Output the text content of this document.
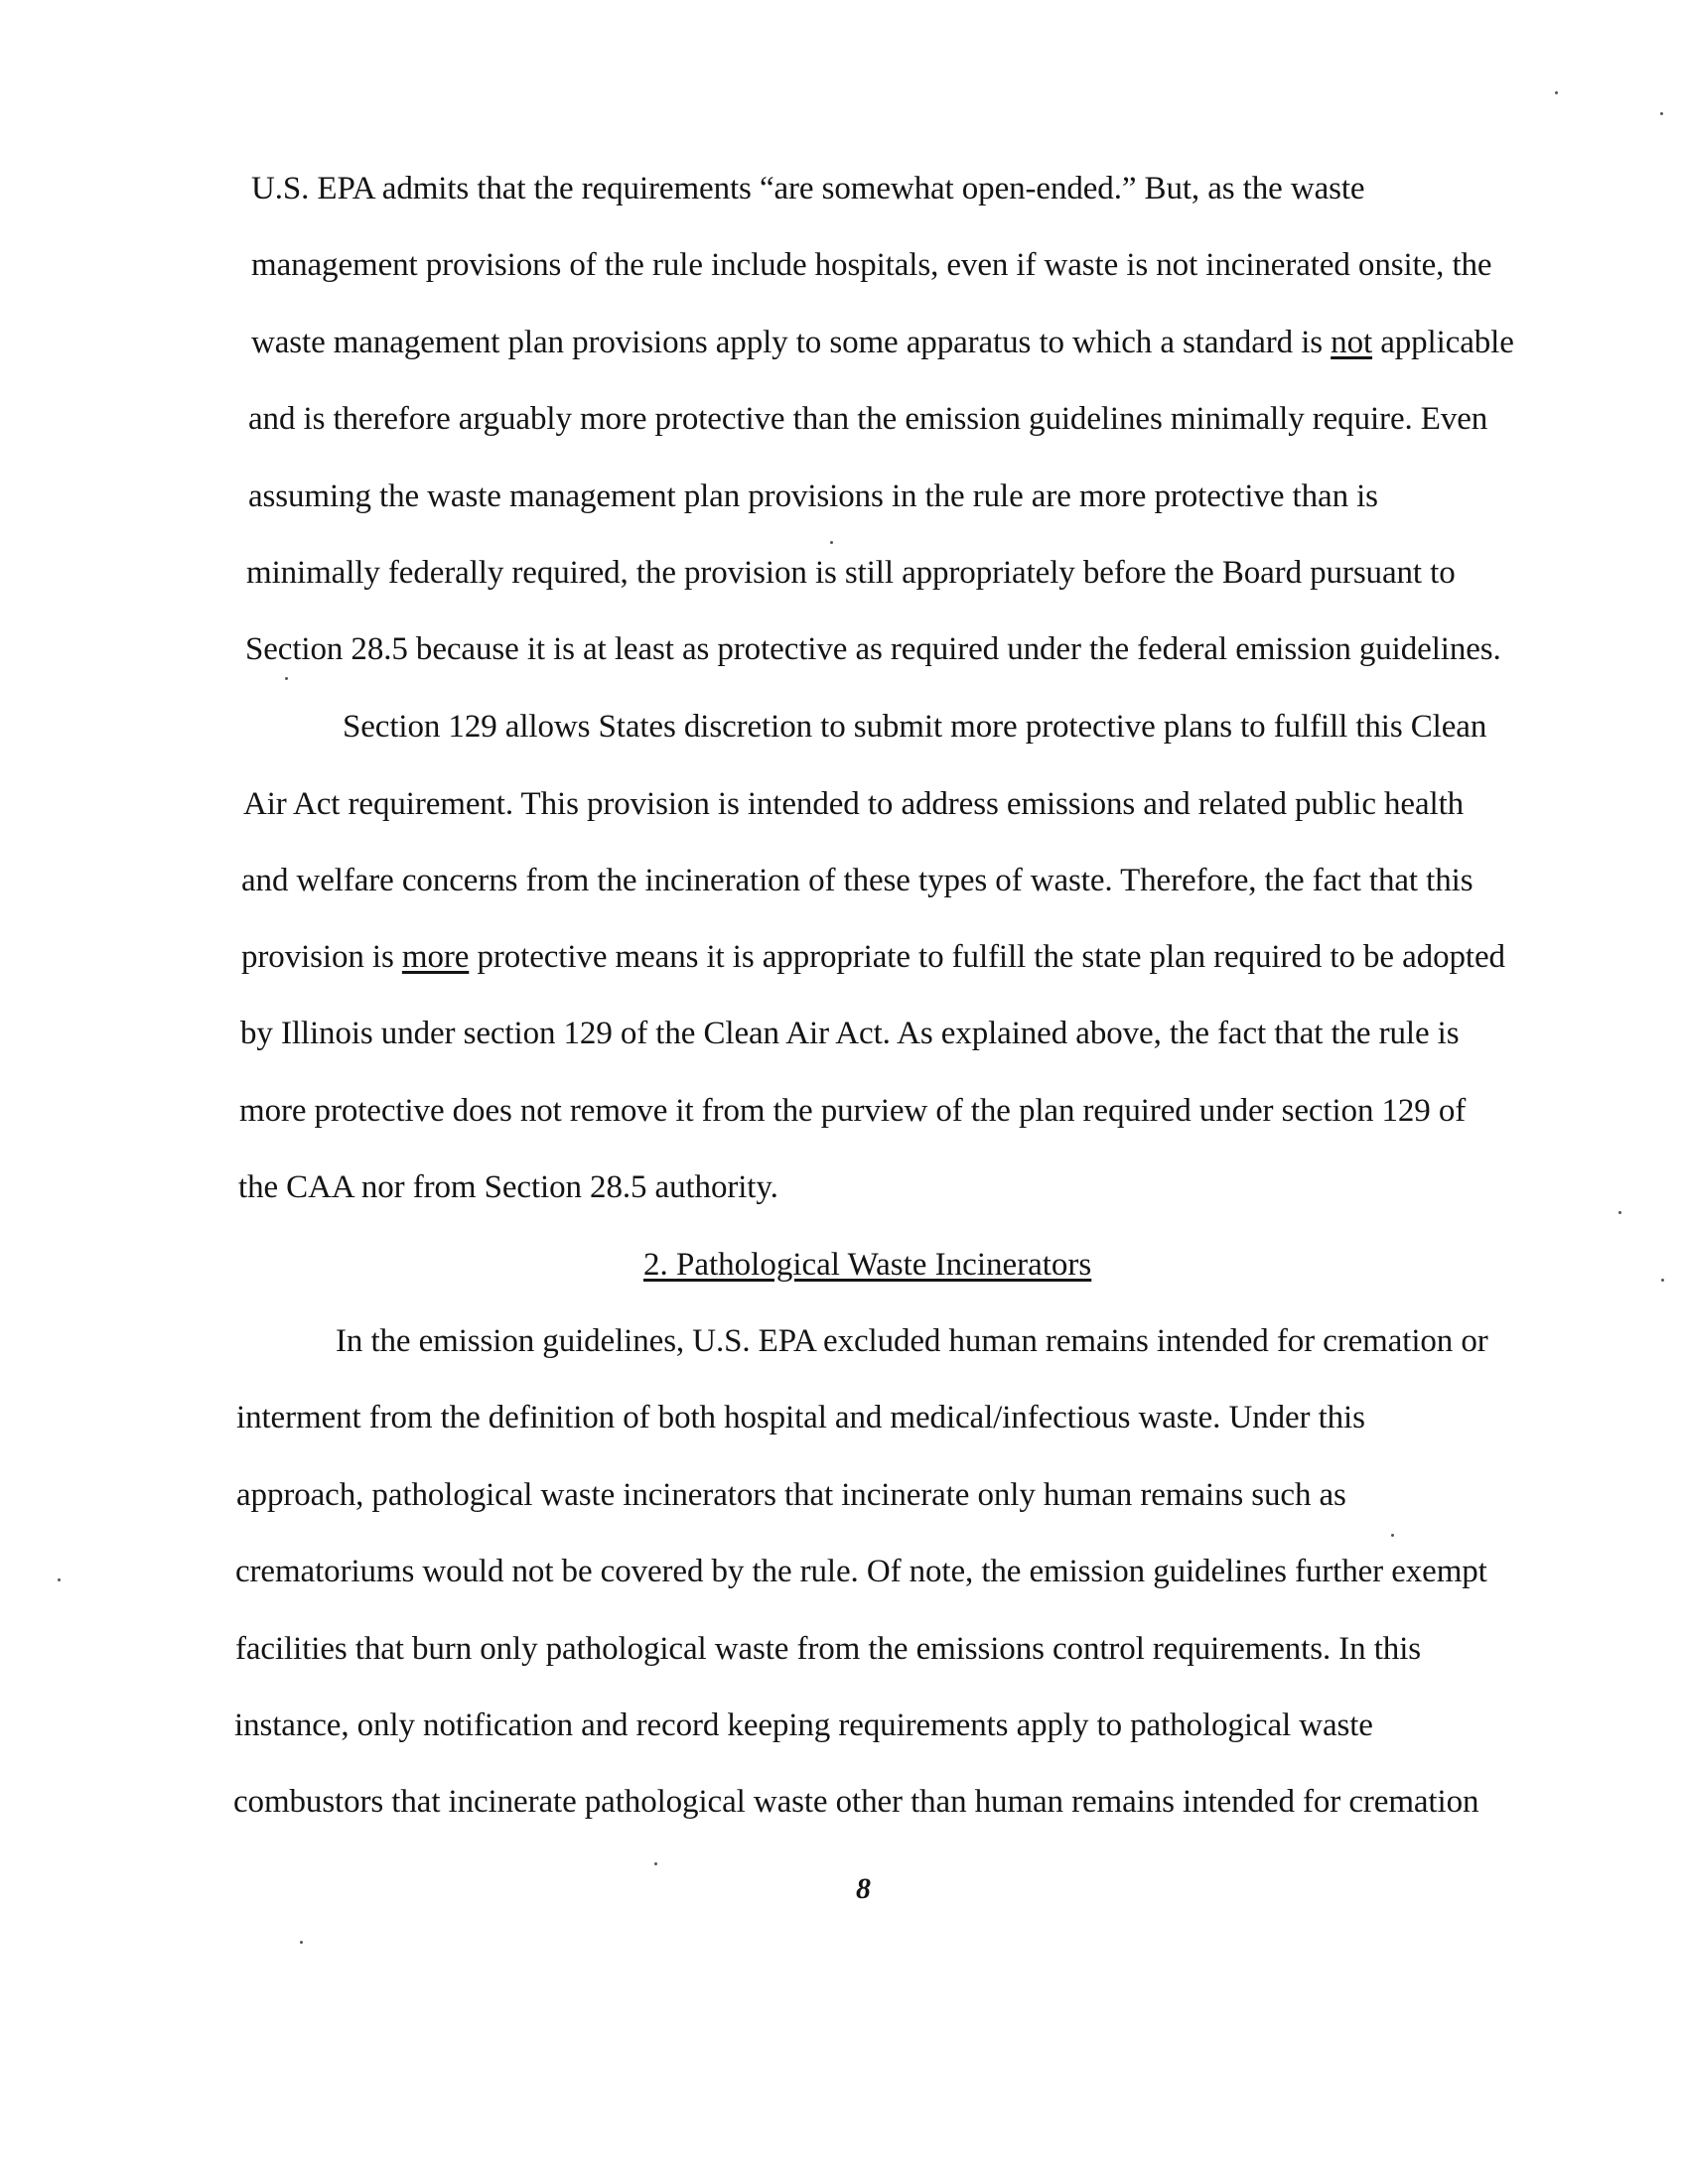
U.S. EPA admits that the requirements “are somewhat open-ended.” But, as the waste
management provisions of the rule include hospitals, even if waste is not incinerated onsite, the
waste management plan provisions apply to some apparatus to which a standard is not applicable
and is therefore arguably more protective than the emission guidelines minimally require. Even
assuming the waste management plan provisions in the rule are more protective than is
minimally federally required, the provision is still appropriately before the Board pursuant to
Section 28.5 because it is at least as protective as required under the federal emission guidelines.
Section 129 allows States discretion to submit more protective plans to fulfill this Clean
Air Act requirement. This provision is intended to address emissions and related public health
and welfare concerns from the incineration of these types of waste. Therefore, the fact that this
provision is more protective means it is appropriate to fulfill the state plan required to be adopted
by Illinois under section 129 of the Clean Air Act. As explained above, the fact that the rule is
more protective does not remove it from the purview of the plan required under section 129 of
the CAA nor from Section 28.5 authority.
2. Pathological Waste Incinerators
In the emission guidelines, U.S. EPA excluded human remains intended for cremation or
interment from the definition of both hospital and medical/infectious waste. Under this
approach, pathological waste incinerators that incinerate only human remains such as
crematoriums would not be covered by the rule. Of note, the emission guidelines further exempt
facilities that burn only pathological waste from the emissions control requirements. In this
instance, only notification and record keeping requirements apply to pathological waste
combustors that incinerate pathological waste other than human remains intended for cremation
8
